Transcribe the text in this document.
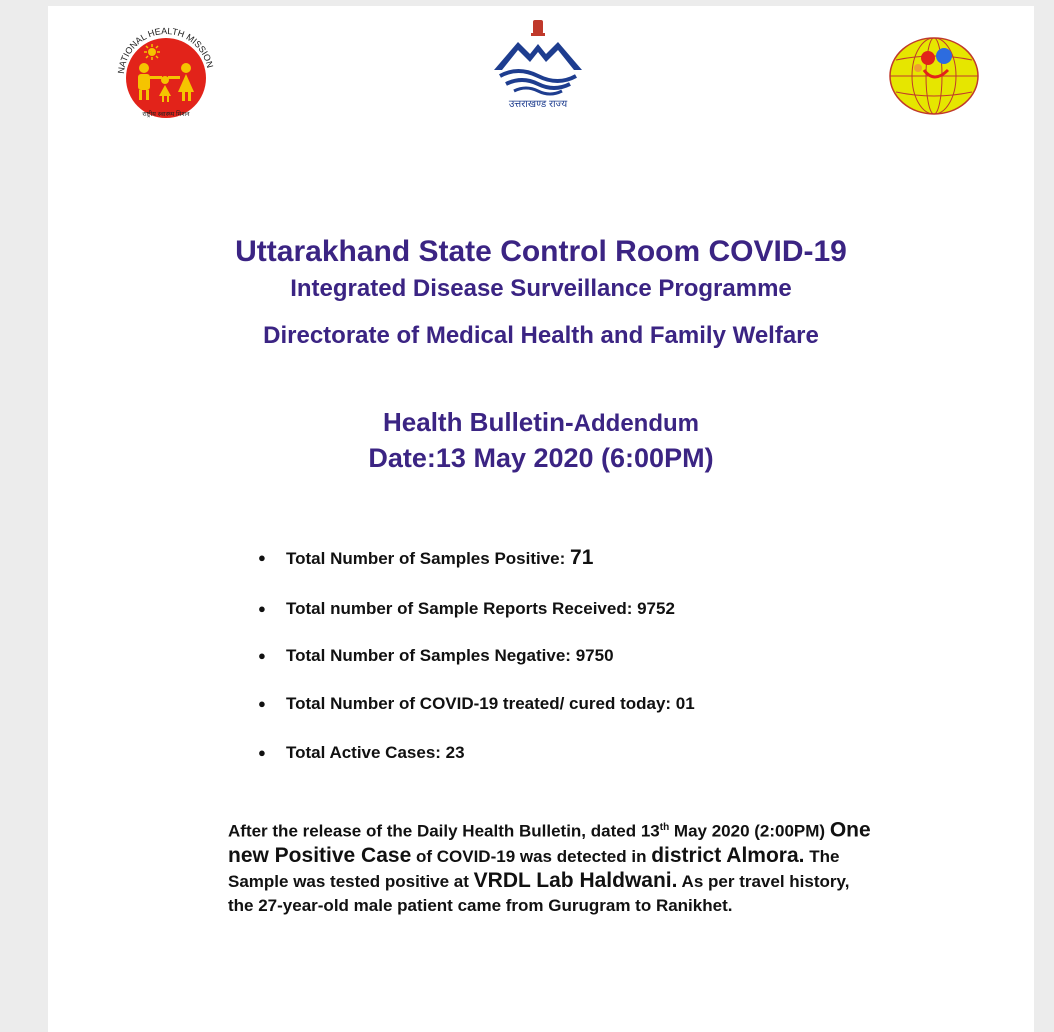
NATIONAL HEALTH MISSION
राष्ट्रीय स्वास्थ्य मिशन
उत्तराखण्ड राज्य
Uttarakhand State Control Room COVID-19
Integrated Disease Surveillance Programme
Directorate of Medical Health and Family Welfare
Health Bulletin-Addendum
Date:13 May 2020 (6:00PM)
● Total Number of Samples Positive: 71
● Total number of Sample Reports Received: 9752
● Total Number of Samples Negative: 9750
● Total Number of COVID-19 treated/ cured today: 01
● Total Active Cases: 23
After the release of the Daily Health Bulletin, dated 13th May 2020 (2:00PM) One new Positive Case of COVID-19 was detected in district Almora. The Sample was tested positive at VRDL Lab Haldwani. As per travel history, the 27-year-old male patient came from Gurugram to Ranikhet.
